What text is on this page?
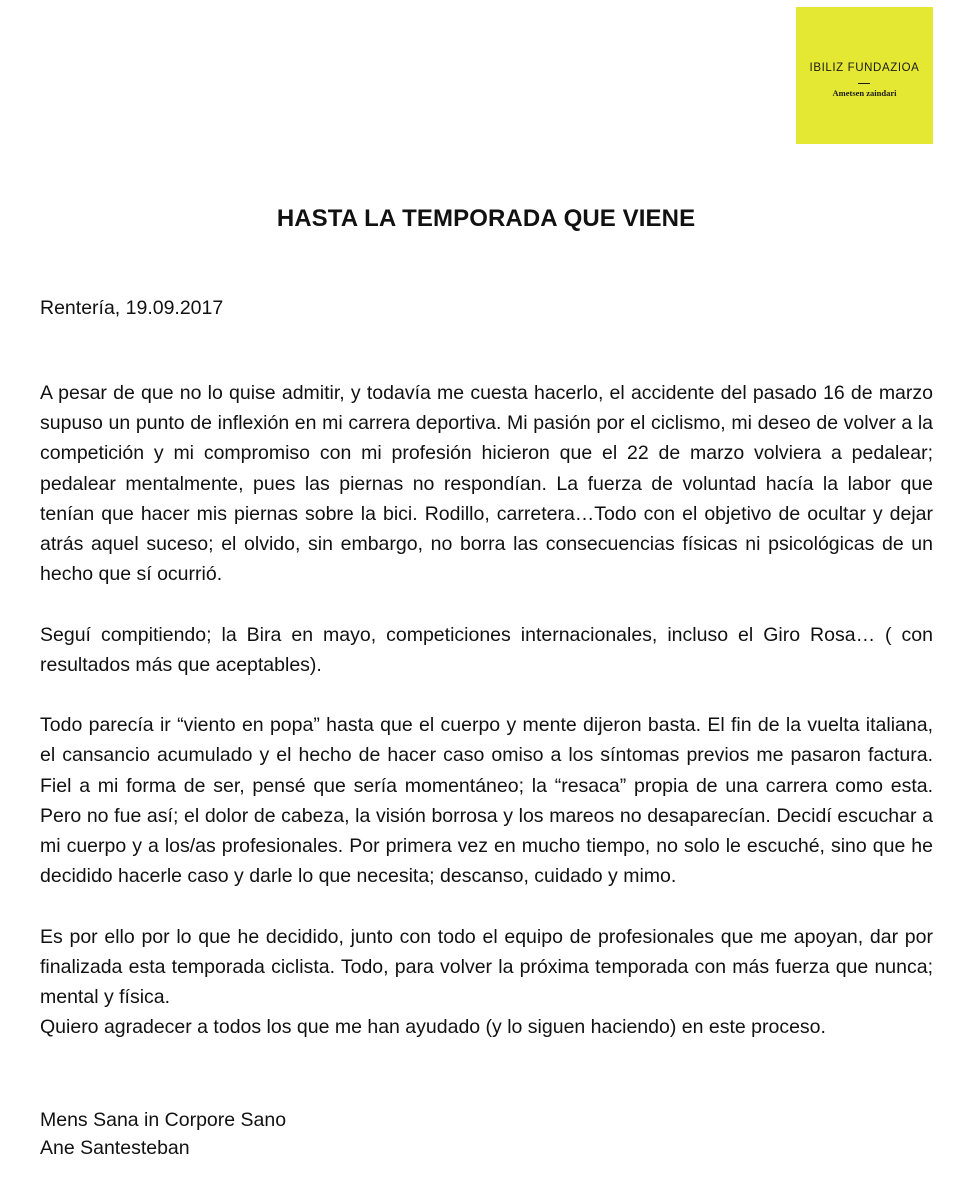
IBILIZ FUNDAZIOA
Ametsen zaindari
HASTA LA TEMPORADA QUE VIENE
Rentería, 19.09.2017

A pesar de que no lo quise admitir, y todavía me cuesta hacerlo, el accidente del pasado 16 de marzo supuso un punto de inflexión en mi carrera deportiva. Mi pasión por el ciclismo, mi deseo de volver a la competición y mi compromiso con mi profesión hicieron que el 22 de marzo volviera a pedalear; pedalear mentalmente, pues las piernas no respondían. La fuerza de voluntad hacía la labor que tenían que hacer mis piernas sobre la bici. Rodillo, carretera…Todo con el objetivo de ocultar y dejar atrás aquel suceso; el olvido, sin embargo, no borra las consecuencias físicas ni psicológicas de un hecho que sí ocurrió.

Seguí compitiendo; la Bira en mayo, competiciones internacionales, incluso el Giro Rosa… ( con resultados más que aceptables).

Todo parecía ir “viento en popa” hasta que el cuerpo y mente dijeron basta. El fin de la vuelta italiana, el cansancio acumulado y el hecho de hacer caso omiso a los síntomas previos me pasaron factura. Fiel a mi forma de ser, pensé que sería momentáneo; la “resaca” propia de una carrera como esta. Pero no fue así; el dolor de cabeza, la visión borrosa y los mareos no desaparecían. Decidí escuchar a mi cuerpo y a los/as profesionales. Por primera vez en mucho tiempo, no solo le escuché, sino que he decidido hacerle caso y darle lo que necesita; descanso, cuidado y mimo.

Es por ello por lo que he decidido, junto con todo el equipo de profesionales que me apoyan, dar por finalizada esta temporada ciclista. Todo, para volver la próxima temporada con más fuerza que nunca; mental y física.

Quiero agradecer a todos los que me han ayudado (y lo siguen haciendo) en este proceso.

Mens Sana in Corpore Sano
Ane Santesteban
